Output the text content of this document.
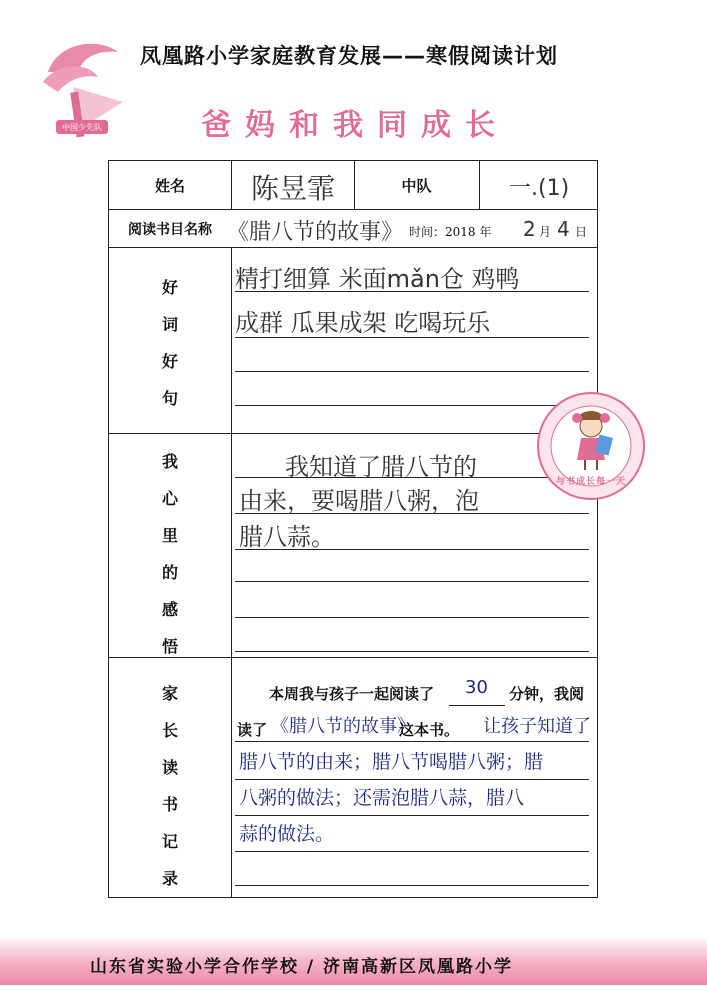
中国少先队
凤凰路小学家庭教育发展——寒假阅读计划
爸妈和我同成长
姓名	陈昱霏	中队	一.(1)
阅读书目名称 《腊八节的故事》 时间：2018 年 2 月 4 日
好
词
好
句
精打细算 米面mǎn仓 鸡鸭
成群 瓜果成架 吃喝玩乐
我
心
里
的
感
悟
我知道了腊八节的
由来，要喝腊八粥，泡
腊八蒜。
家
长
读
书
记
录
本周我与孩子一起阅读了 30 分钟，我阅
读了 《腊八节的故事》
这本书。 让孩子知道了
腊八节的由来；腊八节喝腊八粥；腊
八粥的做法；还需泡腊八蒜，腊八
蒜的做法。
与书成长每一天
山东省实验小学合作学校 / 济南高新区凤凰路小学
